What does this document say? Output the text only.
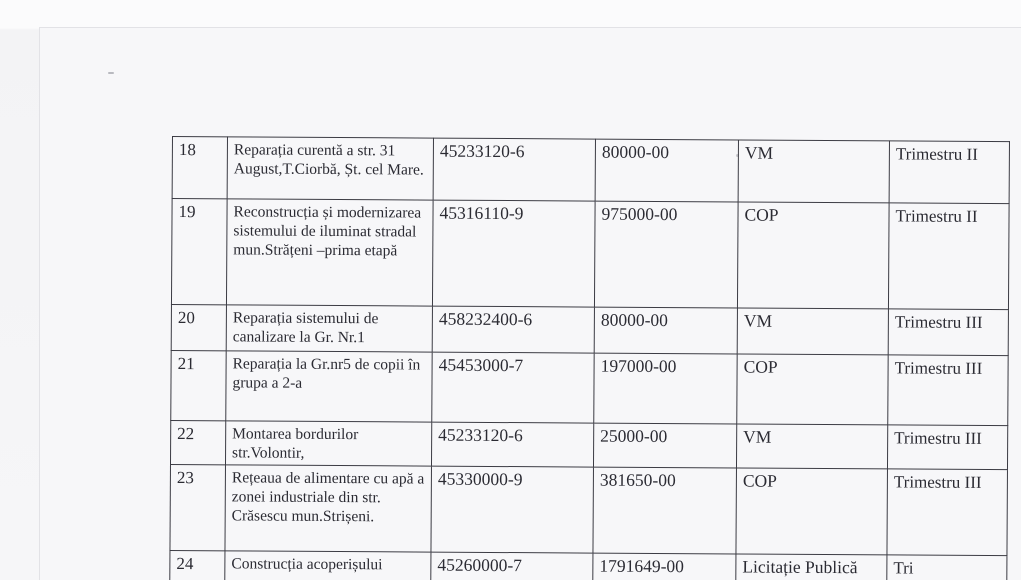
18	Reparația curentă a str. 31 August,T.Ciorbă, Șt. cel Mare.	45233120-6	80000-00	VM	Trimestru II
19	Reconstrucția și modernizarea sistemului de iluminat stradal mun.Strățeni –prima etapă	45316110-9	975000-00	COP	Trimestru II
20	Reparația sistemului de canalizare la Gr. Nr.1	458232400-6	80000-00	VM	Trimestru III
21	Reparația la Gr.nr5 de copii în grupa a 2-a	45453000-7	197000-00	COP	Trimestru III
22	Montarea bordurilor str.Volontir,	45233120-6	25000-00	VM	Trimestru III
23	Rețeaua de alimentare cu apă a zonei industriale din str. Crăsescu mun.Strișeni.	45330000-9	381650-00	COP	Trimestru III
24	Construcția acoperișului	45260000-7	1791649-00	Licitație Publică	Tri
